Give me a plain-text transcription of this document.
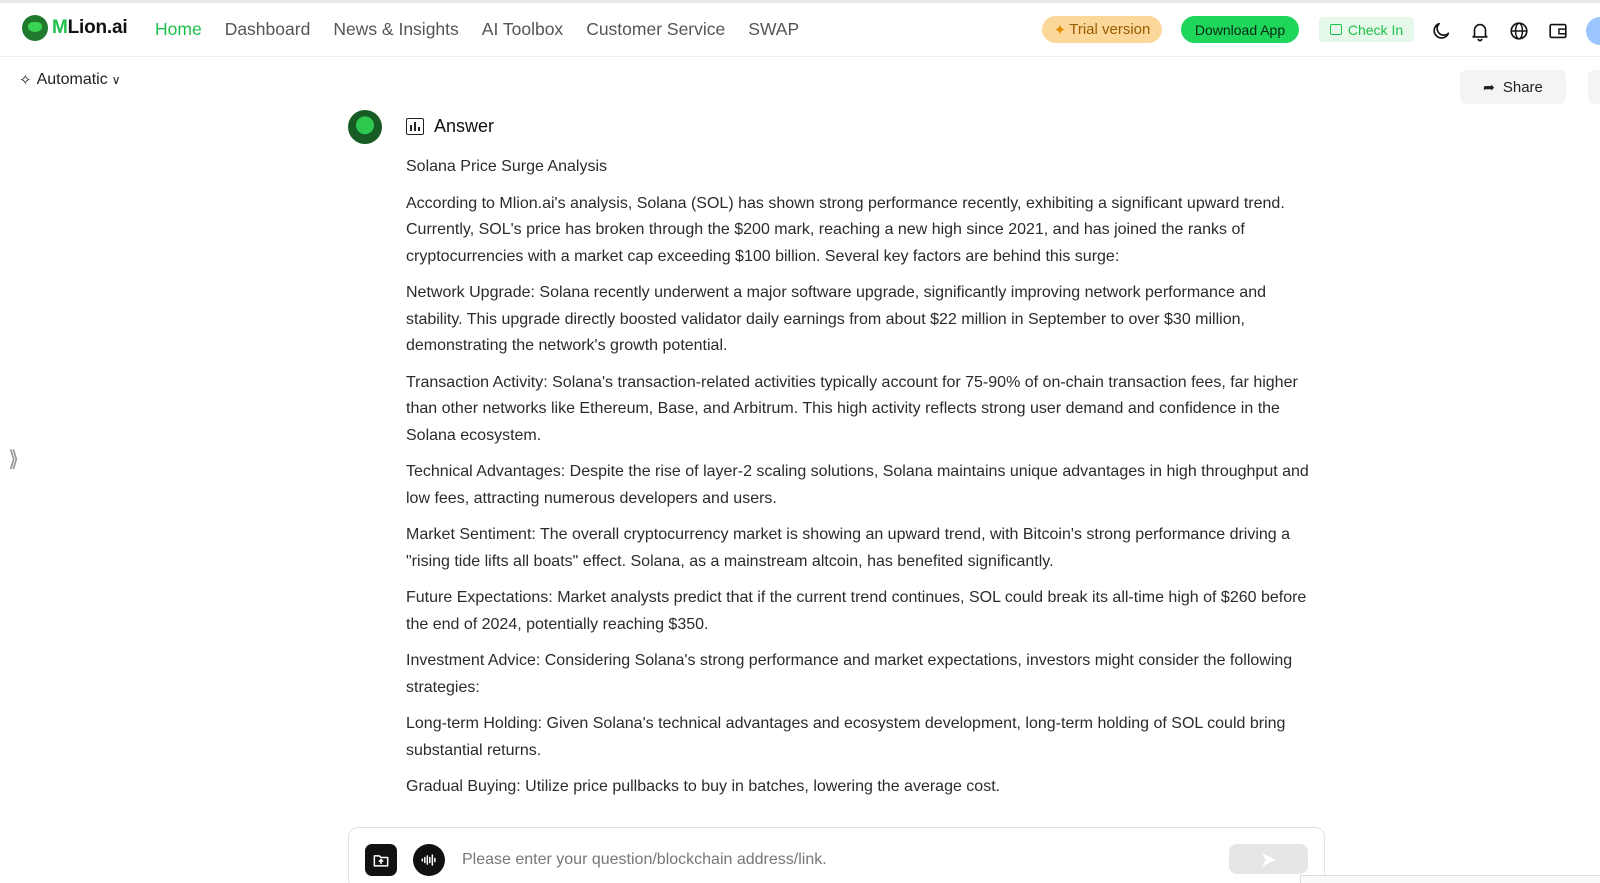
MLion.ai Home Dashboard News & Insights AI Toolbox Customer Service SWAP	✦ Trial version	Download App	Check In
✧ Automatic ∨	➦ Share
⟩⟩
Answer

Solana Price Surge Analysis

According to Mlion.ai's analysis, Solana (SOL) has shown strong performance recently, exhibiting a significant upward trend. Currently, SOL's price has broken through the $200 mark, reaching a new high since 2021, and has joined the ranks of cryptocurrencies with a market cap exceeding $100 billion. Several key factors are behind this surge:

Network Upgrade: Solana recently underwent a major software upgrade, significantly improving network performance and stability. This upgrade directly boosted validator daily earnings from about $22 million in September to over $30 million, demonstrating the network's growth potential.

Transaction Activity: Solana's transaction-related activities typically account for 75-90% of on-chain transaction fees, far higher than other networks like Ethereum, Base, and Arbitrum. This high activity reflects strong user demand and confidence in the Solana ecosystem.

Technical Advantages: Despite the rise of layer-2 scaling solutions, Solana maintains unique advantages in high throughput and low fees, attracting numerous developers and users.

Market Sentiment: The overall cryptocurrency market is showing an upward trend, with Bitcoin's strong performance driving a "rising tide lifts all boats" effect. Solana, as a mainstream altcoin, has benefited significantly.

Future Expectations: Market analysts predict that if the current trend continues, SOL could break its all-time high of $260 before the end of 2024, potentially reaching $350.

Investment Advice: Considering Solana's strong performance and market expectations, investors might consider the following strategies:

Long-term Holding: Given Solana's technical advantages and ecosystem development, long-term holding of SOL could bring substantial returns.

Gradual Buying: Utilize price pullbacks to buy in batches, lowering the average cost.

Please enter your question/blockchain address/link.
➤
